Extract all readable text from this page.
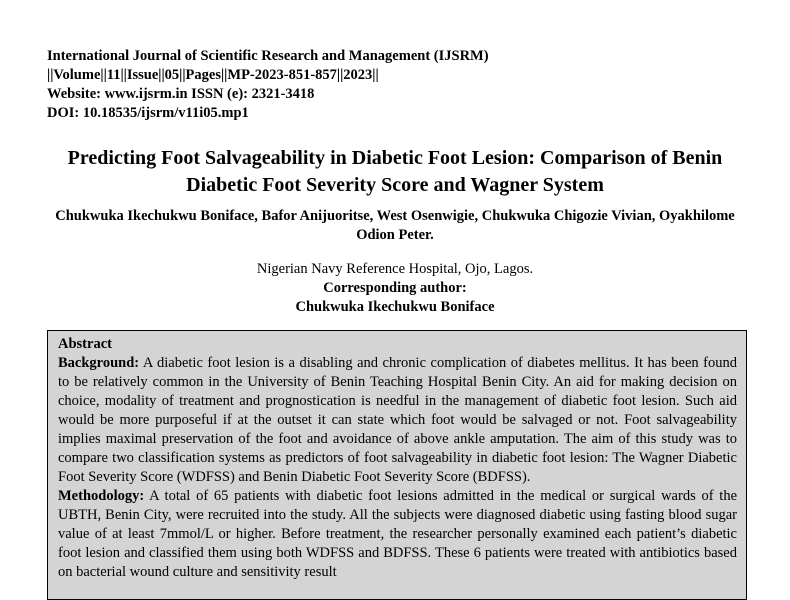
International Journal of Scientific Research and Management (IJSRM)
||Volume||11||Issue||05||Pages||MP-2023-851-857||2023||
Website: www.ijsrm.in ISSN (e): 2321-3418
DOI: 10.18535/ijsrm/v11i05.mp1
Predicting Foot Salvageability in Diabetic Foot Lesion: Comparison of Benin Diabetic Foot Severity Score and Wagner System
Chukwuka Ikechukwu Boniface, Bafor Anijuoritse, West Osenwigie, Chukwuka Chigozie Vivian, Oyakhilome Odion Peter.
Nigerian Navy Reference Hospital, Ojo, Lagos.
Corresponding author:
Chukwuka Ikechukwu Boniface
Abstract

Background: A diabetic foot lesion is a disabling and chronic complication of diabetes mellitus. It has been found to be relatively common in the University of Benin Teaching Hospital Benin City. An aid for making decision on choice, modality of treatment and prognostication is needful in the management of diabetic foot lesion. Such aid would be more purposeful if at the outset it can state which foot would be salvaged or not. Foot salvageability implies maximal preservation of the foot and avoidance of above ankle amputation. The aim of this study was to compare two classification systems as predictors of foot salvageability in diabetic foot lesion: The Wagner Diabetic Foot Severity Score (WDFSS) and Benin Diabetic Foot Severity Score (BDFSS).

Methodology: A total of 65 patients with diabetic foot lesions admitted in the medical or surgical wards of the UBTH, Benin City, were recruited into the study. All the subjects were diagnosed diabetic using fasting blood sugar value of at least 7mmol/L or higher. Before treatment, the researcher personally examined each patient’s diabetic foot lesion and classified them using both WDFSS and BDFSS. These 6 patients were treated with antibiotics based on bacterial wound culture and sensitivity result
